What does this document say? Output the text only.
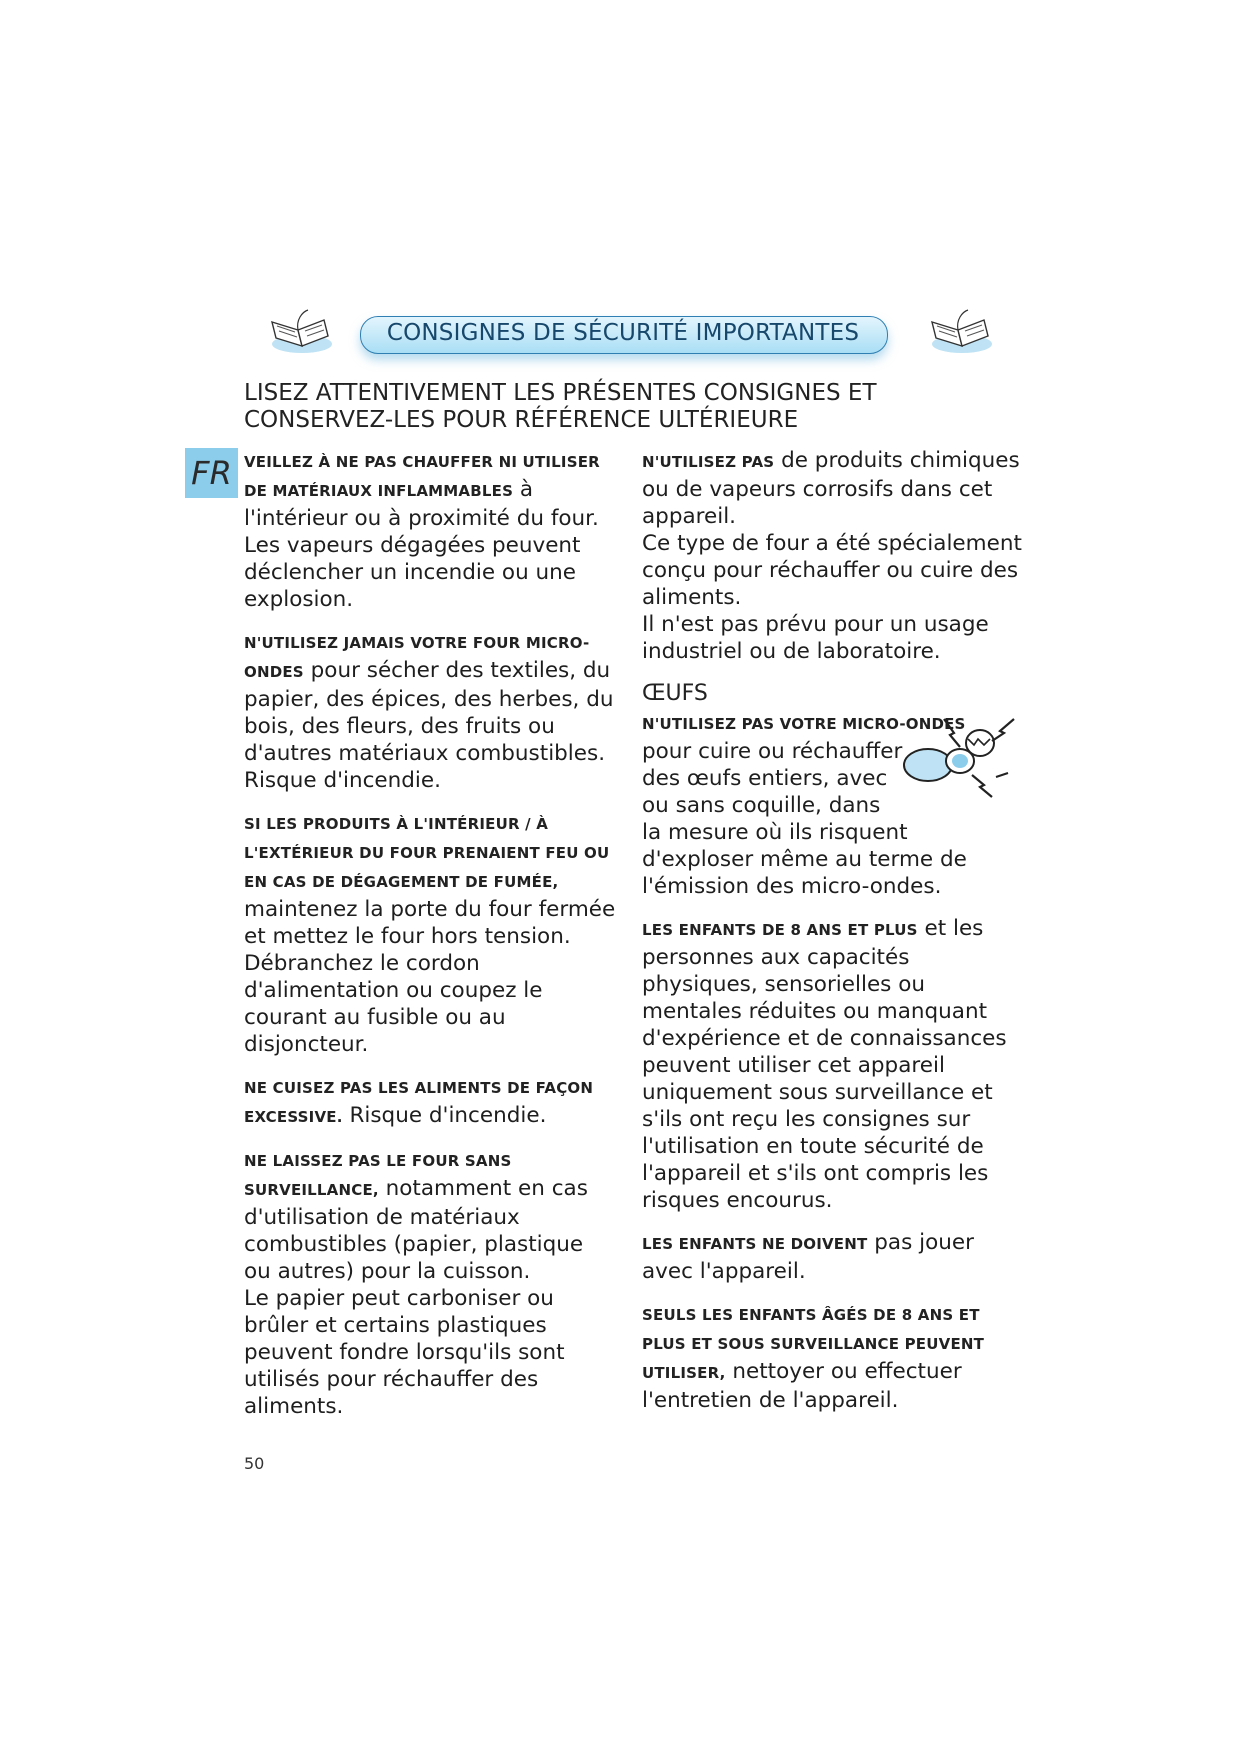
CONSIGNES DE SÉCURITÉ IMPORTANTES
LISEZ ATTENTIVEMENT LES PRÉSENTES CONSIGNES ET
CONSERVEZ-LES POUR RÉFÉRENCE ULTÉRIEURE
FR VEILLEZ À NE PAS CHAUFFER NI UTILISER DE MATÉRIAUX INFLAMMABLES à l'intérieur ou à proximité du four. Les vapeurs dégagées peuvent déclencher un incendie ou une explosion.

N'UTILISEZ JAMAIS VOTRE FOUR MICRO-ONDES pour sécher des textiles, du papier, des épices, des herbes, du bois, des fleurs, des fruits ou d'autres matériaux combustibles.
Risque d'incendie.

SI LES PRODUITS À L'INTÉRIEUR / À L'EXTÉRIEUR DU FOUR PRENAIENT FEU OU EN CAS DE DÉGAGEMENT DE FUMÉE, maintenez la porte du four fermée et mettez le four hors tension. Débranchez le cordon d'alimentation ou coupez le courant au fusible ou au disjoncteur.

NE CUISEZ PAS LES ALIMENTS DE FAÇON EXCESSIVE. Risque d'incendie.

NE LAISSEZ PAS LE FOUR SANS SURVEILLANCE, notamment en cas d'utilisation de matériaux combustibles (papier, plastique ou autres) pour la cuisson.
Le papier peut carboniser ou brûler et certains plastiques peuvent fondre lorsqu'ils sont utilisés pour réchauffer des aliments.

N'UTILISEZ PAS de produits chimiques ou de vapeurs corrosifs dans cet appareil.
Ce type de four a été spécialement conçu pour réchauffer ou cuire des aliments.
Il n'est pas prévu pour un usage industriel ou de laboratoire.

ŒUFS

N'UTILISEZ PAS VOTRE MICRO-ONDES
pour cuire ou réchauffer
des œufs entiers, avec
ou sans coquille, dans
la mesure où ils risquent
d'exploser même au terme de l'émission des micro-ondes.

LES ENFANTS DE 8 ANS ET PLUS et les personnes aux capacités physiques, sensorielles ou mentales réduites ou manquant d'expérience et de connaissances peuvent utiliser cet appareil uniquement sous surveillance et s'ils ont reçu les consignes sur l'utilisation en toute sécurité de l'appareil et s'ils ont compris les risques encourus.

LES ENFANTS NE DOIVENT pas jouer avec l'appareil.

SEULS LES ENFANTS ÂGÉS DE 8 ANS ET PLUS ET SOUS SURVEILLANCE PEUVENT UTILISER, nettoyer ou effectuer l'entretien de l'appareil.

50
